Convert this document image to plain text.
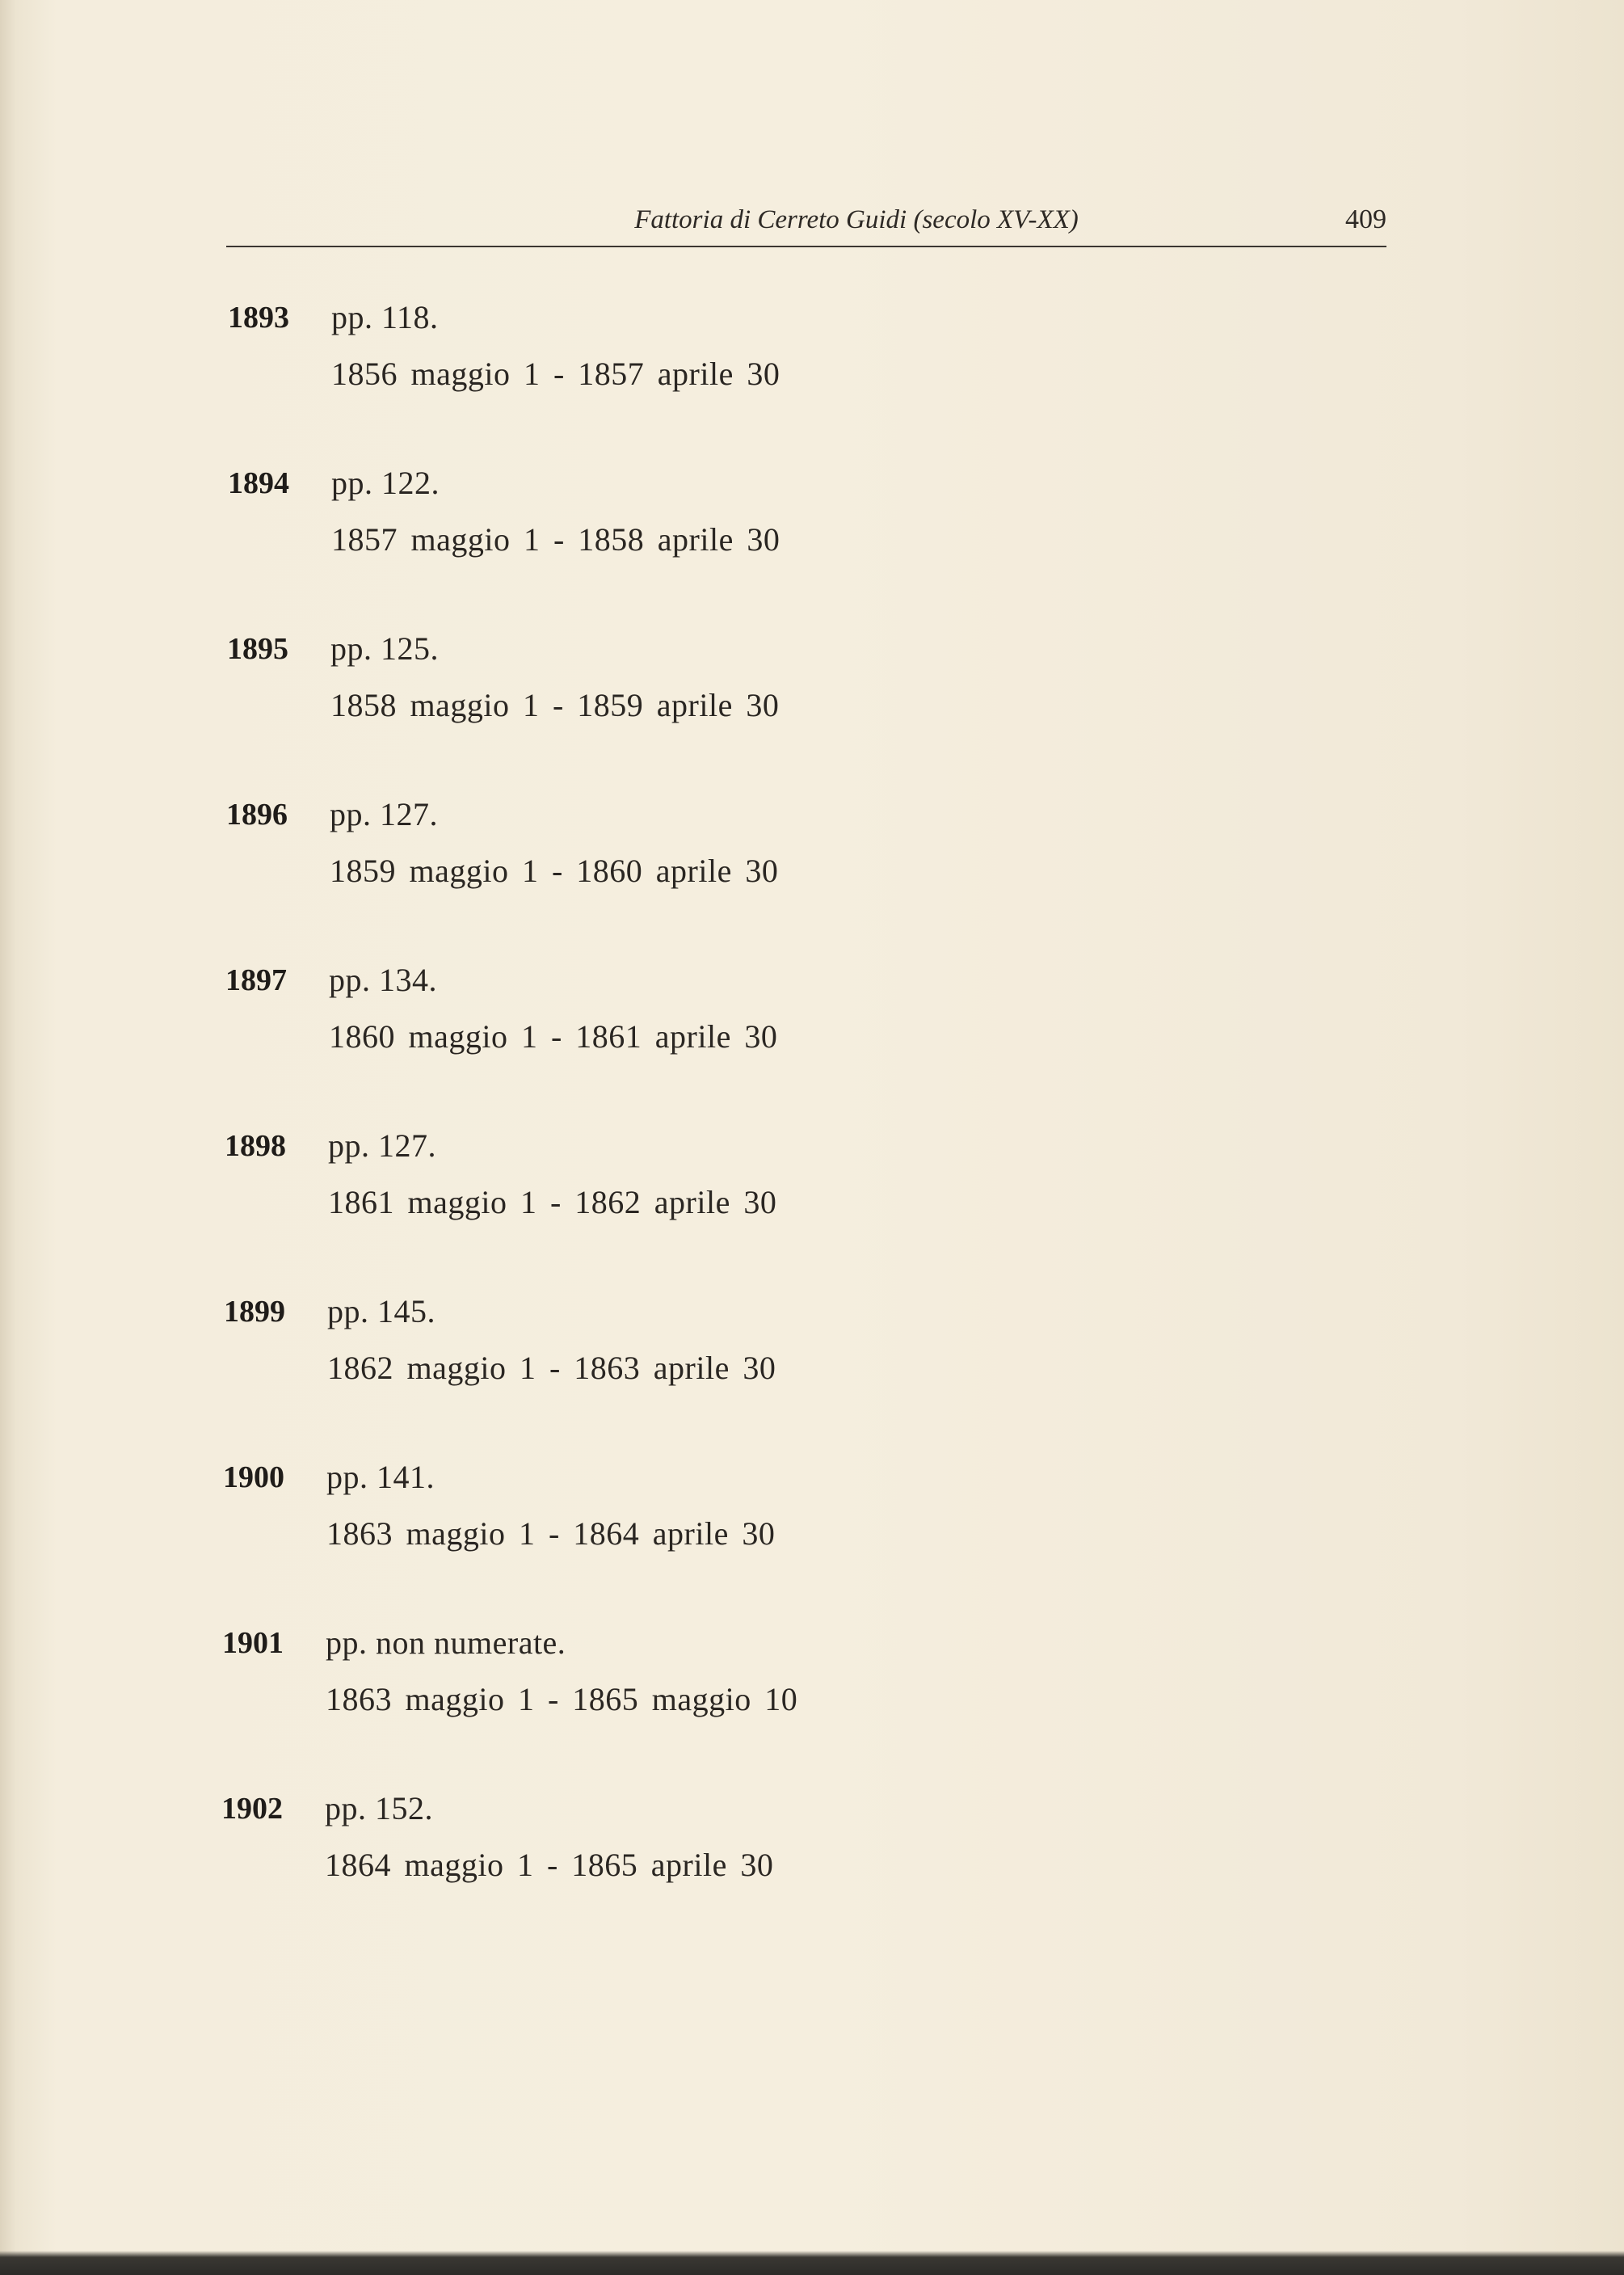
Fattoria di Cerreto Guidi (secolo XV-XX)	409
1893 pp. 118.
1856 maggio 1 - 1857 aprile 30
1894 pp. 122.
1857 maggio 1 - 1858 aprile 30
1895 pp. 125.
1858 maggio 1 - 1859 aprile 30
1896 pp. 127.
1859 maggio 1 - 1860 aprile 30
1897 pp. 134.
1860 maggio 1 - 1861 aprile 30
1898 pp. 127.
1861 maggio 1 - 1862 aprile 30
1899 pp. 145.
1862 maggio 1 - 1863 aprile 30
1900 pp. 141.
1863 maggio 1 - 1864 aprile 30
1901 pp. non numerate.
1863 maggio 1 - 1865 maggio 10
1902 pp. 152.
1864 maggio 1 - 1865 aprile 30
